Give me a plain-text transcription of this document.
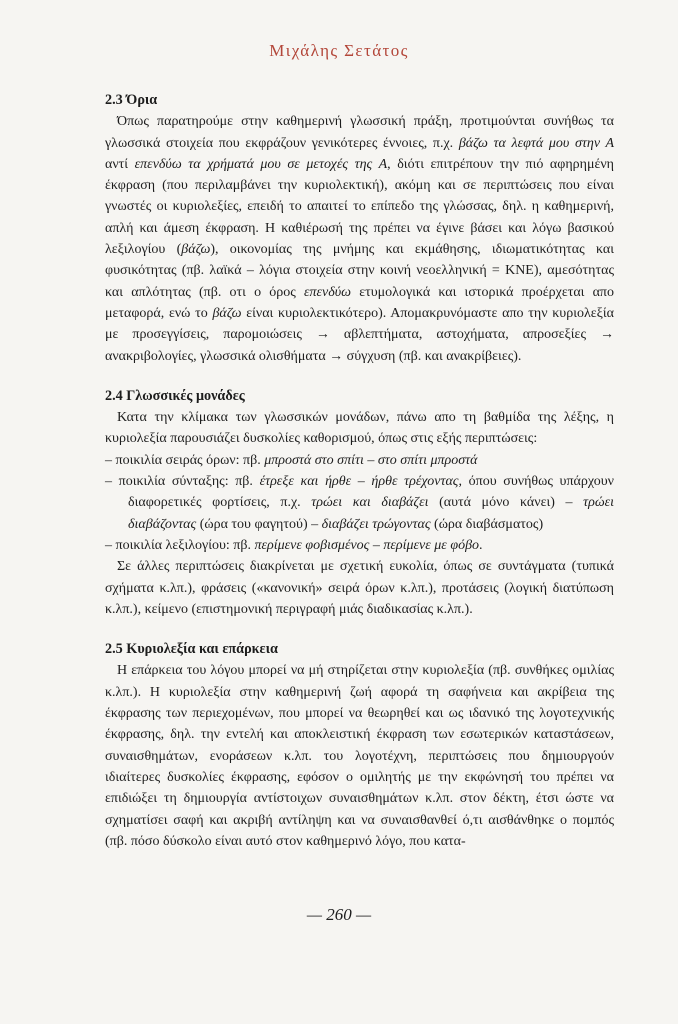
Μιχάλης Σετάτος

2.3 Όρια

Όπως παρατηρούμε στην καθημερινή γλωσσική πράξη, προτιμούνται συνήθως τα γλωσσικά στοιχεία που εκφράζουν γενικότερες έννοιες, π.χ. βάζω τα λεφτά μου στην Α αντί επενδύω τα χρήματά μου σε μετοχές της Α, διότι επιτρέπουν την πιό αφηρημένη έκφραση (που περιλαμβάνει την κυριολεκτική), ακόμη και σε περιπτώσεις που είναι γνωστές οι κυριολεξίες, επειδή το απαιτεί το επίπεδο της γλώσσας, δηλ. η καθημερινή, απλή και άμεση έκφραση. Η καθιέρωσή της πρέπει να έγινε βάσει και λόγω βασικού λεξιλογίου (βάζω), οικονομίας της μνήμης και εκμάθησης, ιδιωματικότητας και φυσικότητας (πβ. λαϊκά – λόγια στοιχεία στην κοινή νεοελληνική = ΚΝΕ), αμεσότητας και απλότητας (πβ. οτι ο όρος επενδύω ετυμολογικά και ιστορικά προέρχεται απο μεταφορά, ενώ το βάζω είναι κυριολεκτικότερο). Απομακρυνόμαστε απο την κυριολεξία με προσεγγίσεις, παρομοιώσεις → αβλεπτήματα, αστοχήματα, απροσεξίες → ανακριβολογίες, γλωσσικά ολισθήματα → σύγχυση (πβ. και ανακρίβειες).

2.4 Γλωσσικές μονάδες

Κατα την κλίμακα των γλωσσικών μονάδων, πάνω απο τη βαθμίδα της λέξης, η κυριολεξία παρουσιάζει δυσκολίες καθορισμού, όπως στις εξής περιπτώσεις:

– ποικιλία σειράς όρων: πβ. μπροστά στο σπίτι – στο σπίτι μπροστά

– ποικιλία σύνταξης: πβ. έτρεξε και ήρθε – ήρθε τρέχοντας, όπου συνήθως υπάρχουν διαφορετικές φορτίσεις, π.χ. τρώει και διαβάζει (αυτά μόνο κάνει) – τρώει διαβάζοντας (ώρα του φαγητού) – διαβάζει τρώγοντας (ώρα διαβάσματος)

– ποικιλία λεξιλογίου: πβ. περίμενε φοβισμένος – περίμενε με φόβο.

Σε άλλες περιπτώσεις διακρίνεται με σχετική ευκολία, όπως σε συντάγματα (τυπικά σχήματα κ.λπ.), φράσεις («κανονική» σειρά όρων κ.λπ.), προτάσεις (λογική διατύπωση κ.λπ.), κείμενο (επιστημονική περιγραφή μιάς διαδικασίας κ.λπ.).

2.5 Κυριολεξία και επάρκεια

Η επάρκεια του λόγου μπορεί να μή στηρίζεται στην κυριολεξία (πβ. συνθήκες ομιλίας κ.λπ.). Η κυριολεξία στην καθημερινή ζωή αφορά τη σαφήνεια και ακρίβεια της έκφρασης των περιεχομένων, που μπορεί να θεωρηθεί και ως ιδανικό της λογοτεχνικής έκφρασης, δηλ. την εντελή και αποκλειστική έκφραση των εσωτερικών καταστάσεων, συναισθημάτων, ενοράσεων κ.λπ. του λογοτέχνη, περιπτώσεις που δημιουργούν ιδιαίτερες δυσκολίες έκφρασης, εφόσον ο ομιλητής με την εκφώνησή του πρέπει να επιδιώξει τη δημιουργία αντίστοιχων συναισθημάτων κ.λπ. στον δέκτη, έτσι ώστε να σχηματίσει σαφή και ακριβή αντίληψη και να συναισθανθεί ό,τι αισθάνθηκε ο πομπός (πβ. πόσο δύσκολο είναι αυτό στον καθημερινό λόγο, που κατα-

— 260 —
